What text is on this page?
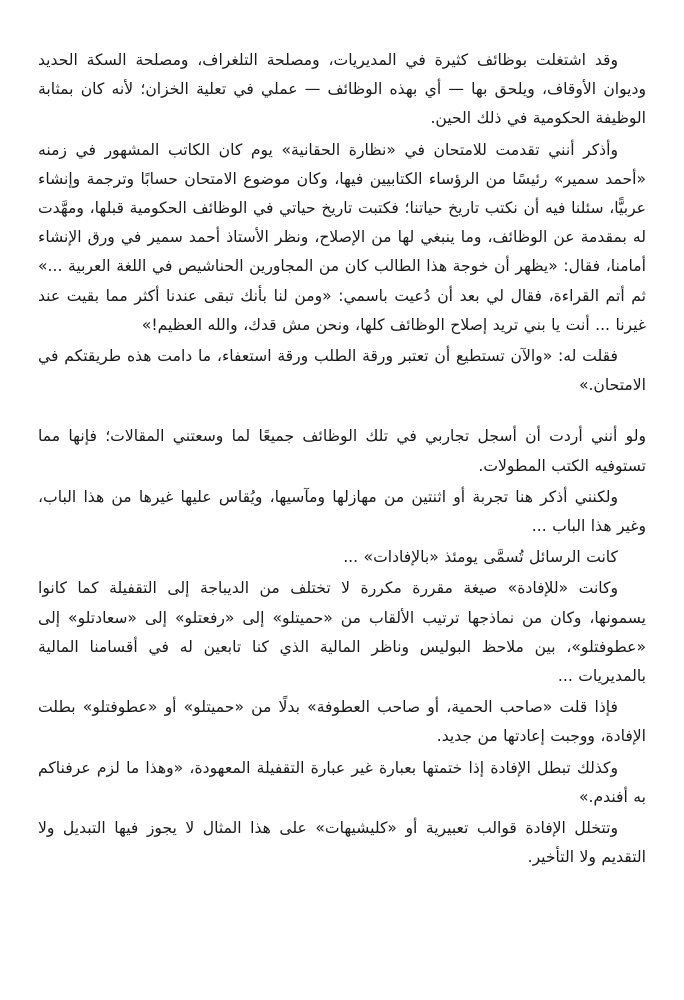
وقد اشتغلت بوظائف كثيرة في المديريات، ومصلحة التلغراف، ومصلحة السكة الحديد وديوان الأوقاف، ويلحق بها — أي بهذه الوظائف — عملي في تعلية الخزان؛ لأنه كان بمثابة الوظيفة الحكومية في ذلك الحين.

وأذكر أنني تقدمت للامتحان في «نظارة الحقانية» يوم كان الكاتب المشهور في زمنه «أحمد سمير» رئيسًا من الرؤساء الكتابيين فيها، وكان موضوع الامتحان حسابًا وترجمة وإنشاء عربيًّا، سئلنا فيه أن نكتب تاريخ حياتنا؛ فكتبت تاريخ حياتي في الوظائف الحكومية قبلها، ومهَّدت له بمقدمة عن الوظائف، وما ينبغي لها من الإصلاح، ونظر الأستاذ أحمد سمير في ورق الإنشاء أمامنا، فقال: «يظهر أن خوجة هذا الطالب كان من المجاورين الحناشيص في اللغة العربية ...» ثم أتم القراءة، فقال لي بعد أن دُعيت باسمي: «ومن لنا بأنك تبقى عندنا أكثر مما بقيت عند غيرنا ... أنت يا بني تريد إصلاح الوظائف كلها، ونحن مش قدك، والله العظيم!»

فقلت له: «والآن تستطيع أن تعتبر ورقة الطلب ورقة استعفاء، ما دامت هذه طريقتكم في الامتحان.»

ولو أنني أردت أن أسجل تجاربي في تلك الوظائف جميعًا لما وسعتني المقالات؛ فإنها مما تستوفيه الكتب المطولات.

ولكنني أذكر هنا تجربة أو اثنتين من مهازلها ومآسيها، ويُقاس عليها غيرها من هذا الباب، وغير هذا الباب ...

كانت الرسائل تُسمَّى يومئذ «بالإفادات» ...

وكانت «للإفادة» صيغة مقررة مكررة لا تختلف من الديباجة إلى التقفيلة كما كانوا يسمونها، وكان من نماذجها ترتيب الألقاب من «حميتلو» إلى «رفعتلو» إلى «سعادتلو» إلى «عطوفتلو»، بين ملاحظ البوليس وناظر المالية الذي كنا تابعين له في أقسامنا المالية بالمديريات ...

فإذا قلت «صاحب الحمية، أو صاحب العطوفة» بدلًا من «حميتلو» أو «عطوفتلو» بطلت الإفادة، ووجبت إعادتها من جديد.

وكذلك تبطل الإفادة إذا ختمتها بعبارة غير عبارة التقفيلة المعهودة، «وهذا ما لزم عرفناكم به أفندم.»

وتتخلل الإفادة قوالب تعبيرية أو «كليشيهات» على هذا المثال لا يجوز فيها التبديل ولا التقديم ولا التأخير.
